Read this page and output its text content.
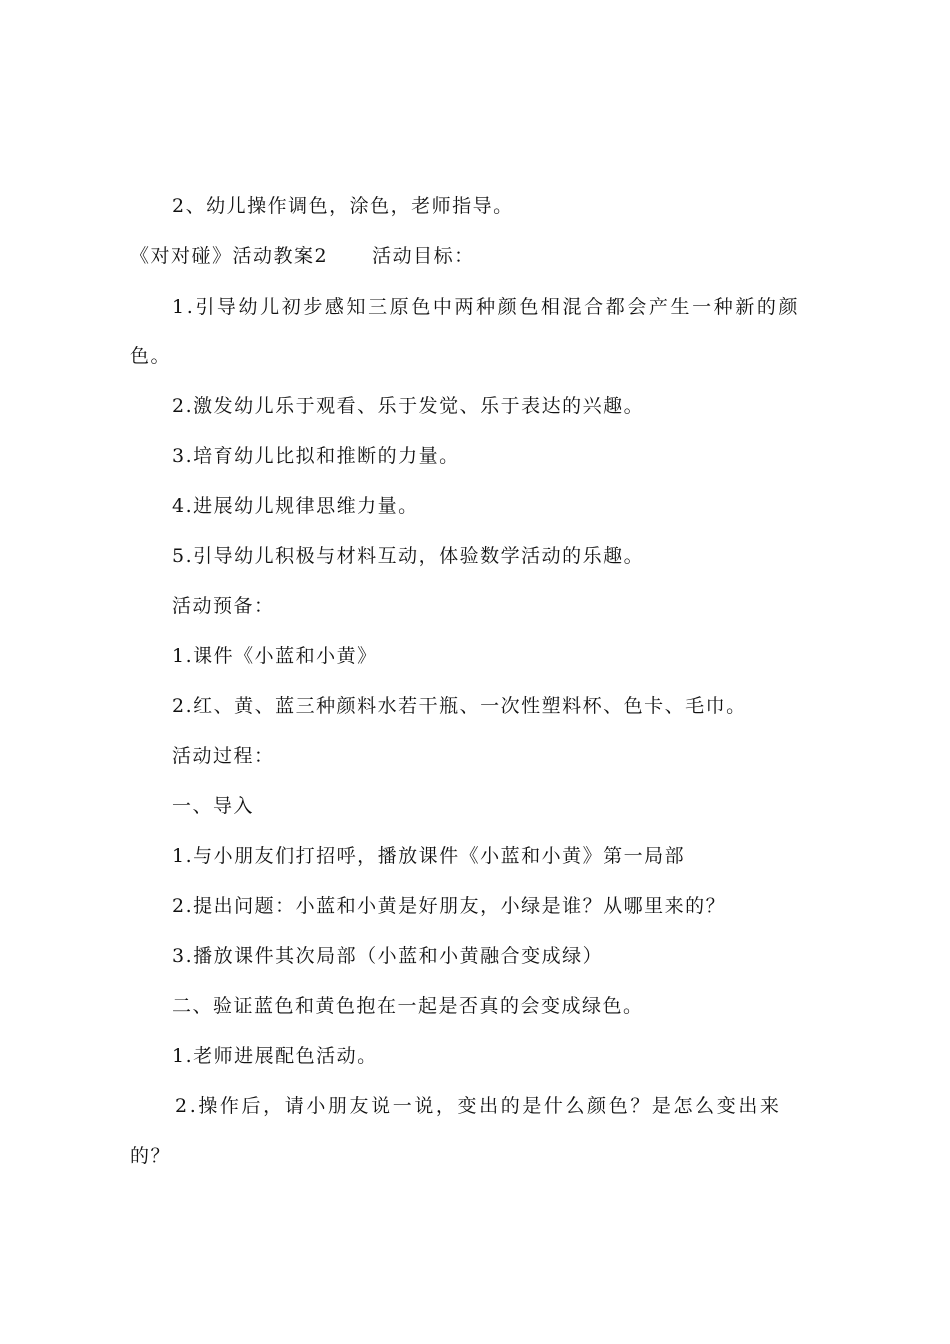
2、幼儿操作调色，涂色，老师指导。
《对对碰》活动教案2 活动目标：
1.引导幼儿初步感知三原色中两种颜色相混合都会产生一种新的颜
色。
2.激发幼儿乐于观看、乐于发觉、乐于表达的兴趣。
3.培育幼儿比拟和推断的力量。
4.进展幼儿规律思维力量。
5.引导幼儿积极与材料互动，体验数学活动的乐趣。
活动预备：
1.课件《小蓝和小黄》
2.红、黄、蓝三种颜料水若干瓶、一次性塑料杯、色卡、毛巾。
活动过程：
一、导入
1.与小朋友们打招呼，播放课件《小蓝和小黄》第一局部
2.提出问题：小蓝和小黄是好朋友，小绿是谁？从哪里来的？
3.播放课件其次局部（小蓝和小黄融合变成绿）
二、验证蓝色和黄色抱在一起是否真的会变成绿色。
1.老师进展配色活动。
2.操作后，请小朋友说一说，变出的是什么颜色？是怎么变出来
的？
